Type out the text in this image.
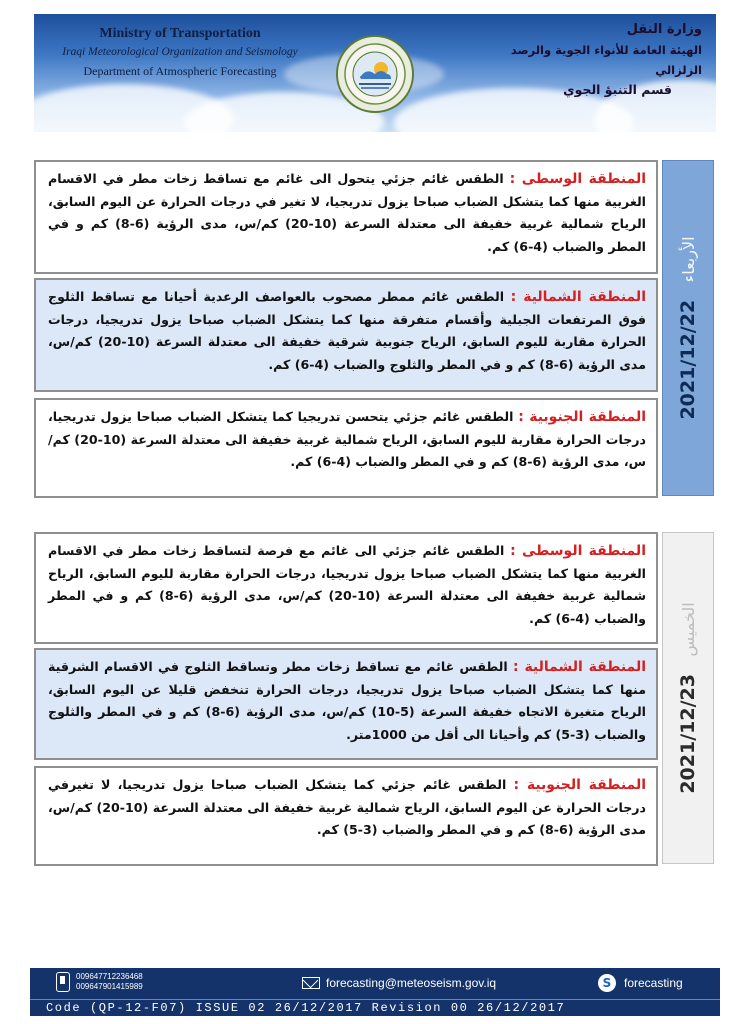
Ministry of Transportation
Iraqi Meteorological Organization and Seismology
Department of Atmospheric Forecasting
وزارة النقل
الهيئة العامة للأنواء الجوية والرصد الزلزالي
قسم التنبؤ الجوي
المنطقة الوسطى : الطقس غائم جزئي يتحول الى غائم مع تساقط زخات مطر في الاقسام الغربية منها كما يتشكل الضباب صباحا يزول تدريجيا، لا تغير في درجات الحرارة عن اليوم السابق، الرياح شمالية غربية خفيفة الى معتدلة السرعة (10-20) كم/س، مدى الرؤية (6-8) كم و في المطر والضباب (4-6) كم.
المنطقة الشمالية : الطقس غائم ممطر مصحوب بالعواصف الرعدية أحيانا مع تساقط الثلوج فوق المرتفعات الجبلية وأقسام متفرقة منها كما يتشكل الضباب صباحا يزول تدريجيا، درجات الحرارة مقاربة لليوم السابق، الرياح جنوبية شرقية خفيفة الى معتدلة السرعة (10-20) كم/س، مدى الرؤية (6-8) كم و في المطر والثلوج والضباب (4-6) كم.
المنطقة الجنوبية : الطقس غائم جزئي يتحسن تدريجيا كما يتشكل الضباب صباحا يزول تدريجيا، درجات الحرارة مقاربة لليوم السابق، الرياح شمالية غربية خفيفة الى معتدلة السرعة (10-20) كم/س، مدى الرؤية (6-8) كم و في المطر والضباب (4-6) كم.
2021/12/22 الأربعاء
المنطقة الوسطى : الطقس غائم جزئي الى غائم مع فرصة لتساقط زخات مطر في الاقسام الغربية منها كما يتشكل الضباب صباحا يزول تدريجيا، درجات الحرارة مقاربة لليوم السابق، الرياح شمالية غربية خفيفة الى معتدلة السرعة (10-20) كم/س، مدى الرؤية (6-8) كم و في المطر والضباب (4-6) كم.
المنطقة الشمالية : الطقس غائم مع تساقط زخات مطر وتساقط الثلوج في الاقسام الشرقية منها كما يتشكل الضباب صباحا يزول تدريجيا، درجات الحرارة تنخفض قليلا عن اليوم السابق، الرياح متغيرة الاتجاه خفيفة السرعة (5-10) كم/س، مدى الرؤية (6-8) كم و في المطر والثلوج والضباب (3-5) كم وأحيانا الى أقل من 1000متر.
المنطقة الجنوبية : الطقس غائم جزئي كما يتشكل الضباب صباحا يزول تدريجيا، لا تغيرفي درجات الحرارة عن اليوم السابق، الرياح شمالية غربية خفيفة الى معتدلة السرعة (10-20) كم/س، مدى الرؤية (6-8) كم و في المطر والضباب (3-5) كم.
2021/12/23 الخميس
009647712236468
009647901415989	forecasting@meteoseism.gov.iq	S	forecasting
Code (QP-12-F07) ISSUE 02 26/12/2017 Revision 00 26/12/2017
